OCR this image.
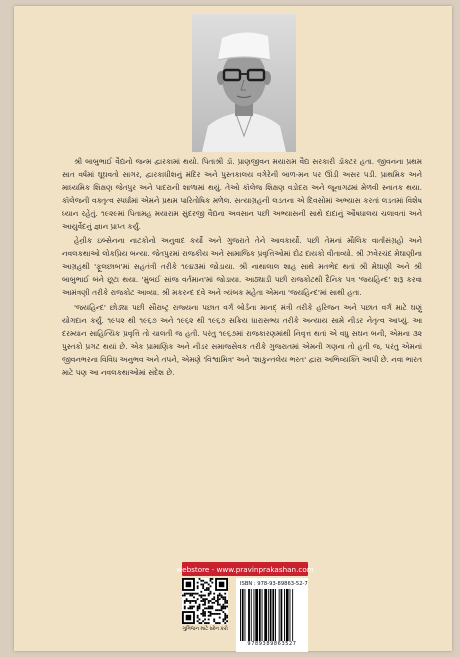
શ્રી બાબુભાઈ વૈદ્યનો જન્મ દ્વારકામાં થયો. પિતાશ્રી ડૉ. પ્રાણજીવન મયારામ વૈદ્ય સરકારી ડૉક્ટર હતા. જીવનના પ્રથમ સાત વર્ષમાં ઘૂઘવતો સાગર, દ્વારકાધીશનું મંદિર અને પુસ્તકાલય વગેરેની બાળ-મન પર ઊંડી અસર પડી. પ્રાથમિક અને માધ્યમિક શિક્ષણ જેતપુર અને પાદરાની શાળામાં થયું. તેઓ કૉલેજ શિક્ષણ વડોદરા અને જૂનાગઢમાં મેળવી સ્નાતક થયા. કૉલેજની વક્તૃત્વ સ્પર્ધામાં એમને પ્રથમ પારિતોષિક મળેલ. સત્યાગ્રહની લડતના એ દિવસોમાં અભ્યાસ કરતાં લડતમાં વિશેષ ધ્યાન રહેતું. ૧૯૨૯માં પિતામહ મયારામ સુંદરજી વૈદ્યના અવસાન પછી અભ્યાસની સાથે દાદાનું ઔષધાલય ચલાવતાં અને આયુર્વેદનું જ્ઞાન પ્રાપ્ત કર્યું.

હેન્રીક ઇબ્સેનના નાટકોનો અનુવાદ કર્યો અને ગુજરાતે તેને આવકાર્યો. પછી તેમનાં મૌલિક વાર્તાસંગ્રહો અને નવલકથાઓ લોકપ્રિય બન્યા. જેતપુરમાં રાજકીય અને સામાજિક પ્રવૃત્તિઓમાં દોઢ દાયકો વીતાવ્યો. શ્રી ઝવેરચંદ મેઘાણીના આગ્રહથી 'ફૂલછાબ'માં સહતંત્રી તરીકે ૧૯૪૩માં જોડાયા. શ્રી નાથાલાલ શાહ સાથે મતભેદ થતાં શ્રી મેઘાણી અને શ્રી બાબુભાઈ બંને છૂટા થયા. 'મુંબઈ સાંજ વર્તમાન'માં જોડાયા. આઠ્યાડી પછી રાજકોટથી દૈનિક પત્ર 'જયહિન્દ' શરૂ કરવા આમંત્રણી તરીકે રાજકોટ આવ્યા. શ્રી મકરન્દ દવે અને ત્ર્યંબક મહેતા એમના 'જયહિન્દ'માં સાથી હતા.

'જયહિન્દ' છોડ્યા પછી સૌરાષ્ટ્ર રાજ્યના પછાત વર્ગ બોર્ડના માનદ્ મંત્રી તરીકે હરિજન અને પછાત વર્ગ માટે ઘણું યોગદાન કર્યું. ૧૯૫૨ થી ૧૯૬૭ અને ૧૯૬૨ થી ૧૯૬૭ સક્રિય ધારાસભ્ય તરીકે અન્યાય સામે નીડર નેતૃત્વ આપ્યું. આ દરમ્યાન સાહિત્યિક પ્રવૃત્તિ તો ચાલતી જ હતી. પરંતુ ૧૯૬૭માં રાજકારણમાંથી નિવૃત્ત થતાં એ વધુ સઘન બની, એમના ૩૨ પુસ્તકો પ્રગટ થયાં છે. એક પ્રામાણિક અને નીડર સમાજસેવક તરીકે ગુજરાતમાં એમની ગણના તો હતી જ, પરંતુ એમનાં જીવનભરના વિવિધ અનુભવ અને તપને, એમણે 'વિશ્વામિત્ર' અને 'શાકુન્તલેય ભરત' દ્વારા અભિવ્યક્તિ આપી છે. નવા ભારત માટે પણ આ નવલકથાઓમાં સંદેશ છે.

webstore - www.pravinprakashan.com
ગુગિજન માટે સ્કેન કરો
ISBN : 978-93-89863-52-7
9789389863527
